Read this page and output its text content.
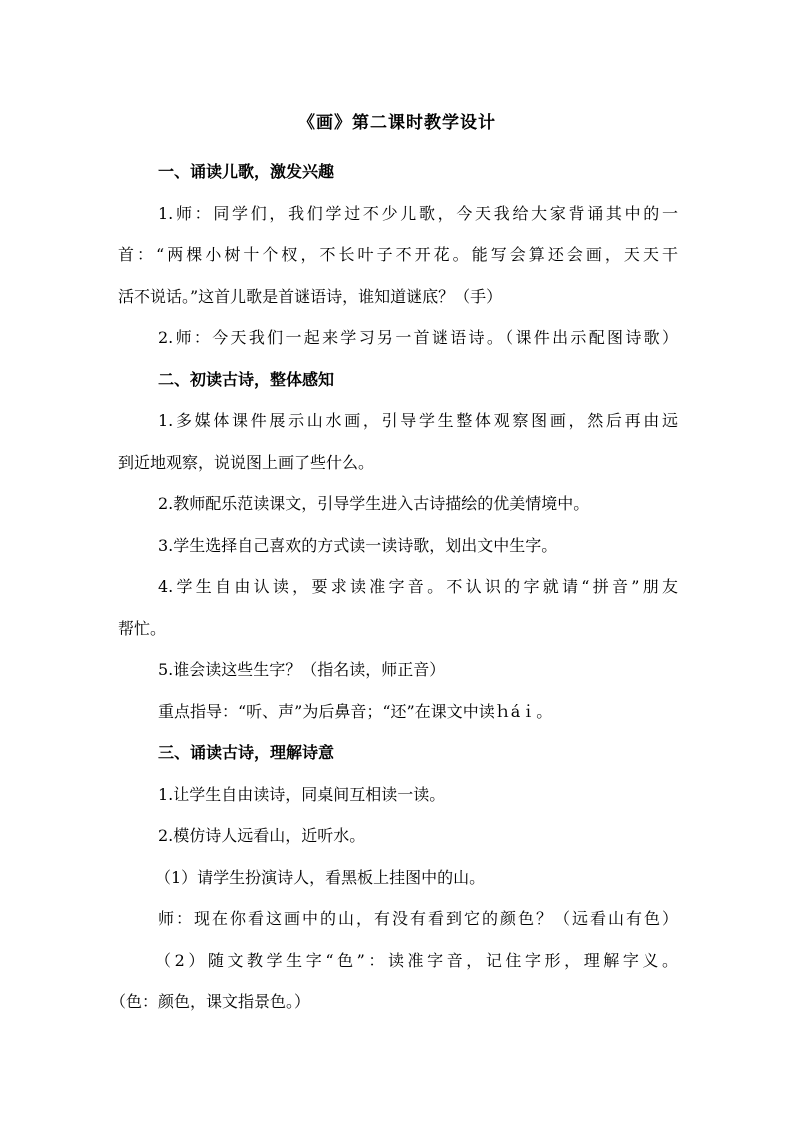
《画》第二课时教学设计
一、诵读儿歌，激发兴趣
1.师：同学们，我们学过不少儿歌，今天我给大家背诵其中的一
首：“两棵小树十个杈，不长叶子不开花。能写会算还会画，天天干
活不说话。”这首儿歌是首谜语诗，谁知道谜底？（手）
2.师：今天我们一起来学习另一首谜语诗。（课件出示配图诗歌）
二、初读古诗，整体感知
1.多媒体课件展示山水画，引导学生整体观察图画，然后再由远
到近地观察，说说图上画了些什么。
2.教师配乐范读课文，引导学生进入古诗描绘的优美情境中。
3.学生选择自己喜欢的方式读一读诗歌，划出文中生字。
4.学生自由认读，要求读准字音。不认识的字就请“拼音”朋友
帮忙。
5.谁会读这些生字？（指名读，师正音）
重点指导：“听、声”为后鼻音；“还”在课文中读ｈáｉ。
三、诵读古诗，理解诗意
1.让学生自由读诗，同桌间互相读一读。
2.模仿诗人远看山，近听水。
（1）请学生扮演诗人，看黑板上挂图中的山。
师：现在你看这画中的山，有没有看到它的颜色？（远看山有色）
（2）随文教学生字“色”：读准字音，记住字形，理解字义。
（色：颜色，课文指景色。）
